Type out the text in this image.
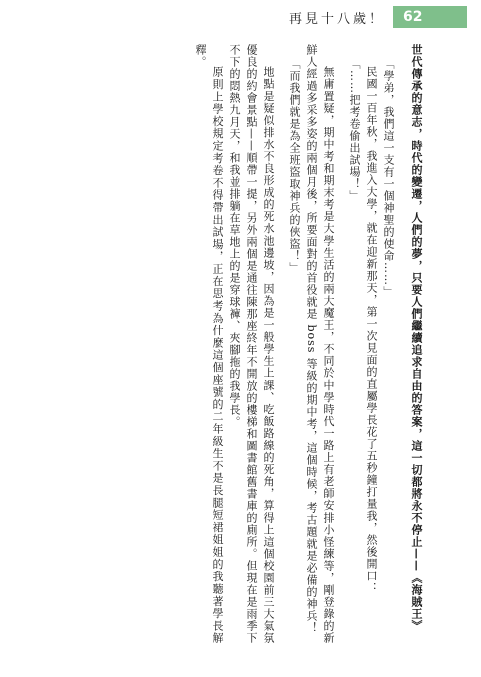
再見十八歲！ 62

世代傳承的意志，時代的變遷，人們的夢，只要人們繼續追求自由的答案，這一切都將永不停止——《海賊王》

「學弟，我們這一支有一個神聖的使命……」

民國一百年秋，我進入大學，就在迎新那天，第一次見面的直屬學長花了五秒鐘打量我，然後開口：

「……把考卷偷出試場！」

無庸置疑，期中考和期末考是大學生活的兩大魔王，不同於中學時代一路上有老師安排小怪練等，剛登錄的新鮮人經過多采多姿的兩個月後，所要面對的首役就是 boss 等級的期中考，這個時候，考古題就是必備的神兵！

「而我們就是為全班盜取神兵的俠盜！」

地點是疑似排水不良形成的死水池邊坡，因為是一般學生上課、吃飯路線的死角，算得上這個校園前三大氣氛優良的約會景點——順帶一提，另外兩個是通往陳那座終年不開放的樓梯和圖書館舊書庫的廁所。但現在是雨季下不下的悶熱九月天，和我並排躺在草地上的是穿球褲、夾腳拖的我學長。

原則上學校規定考卷不得帶出試場，正在思考為什麼這個座號的二年級生不是長腿短裙姐姐的我聽著學長解釋。
